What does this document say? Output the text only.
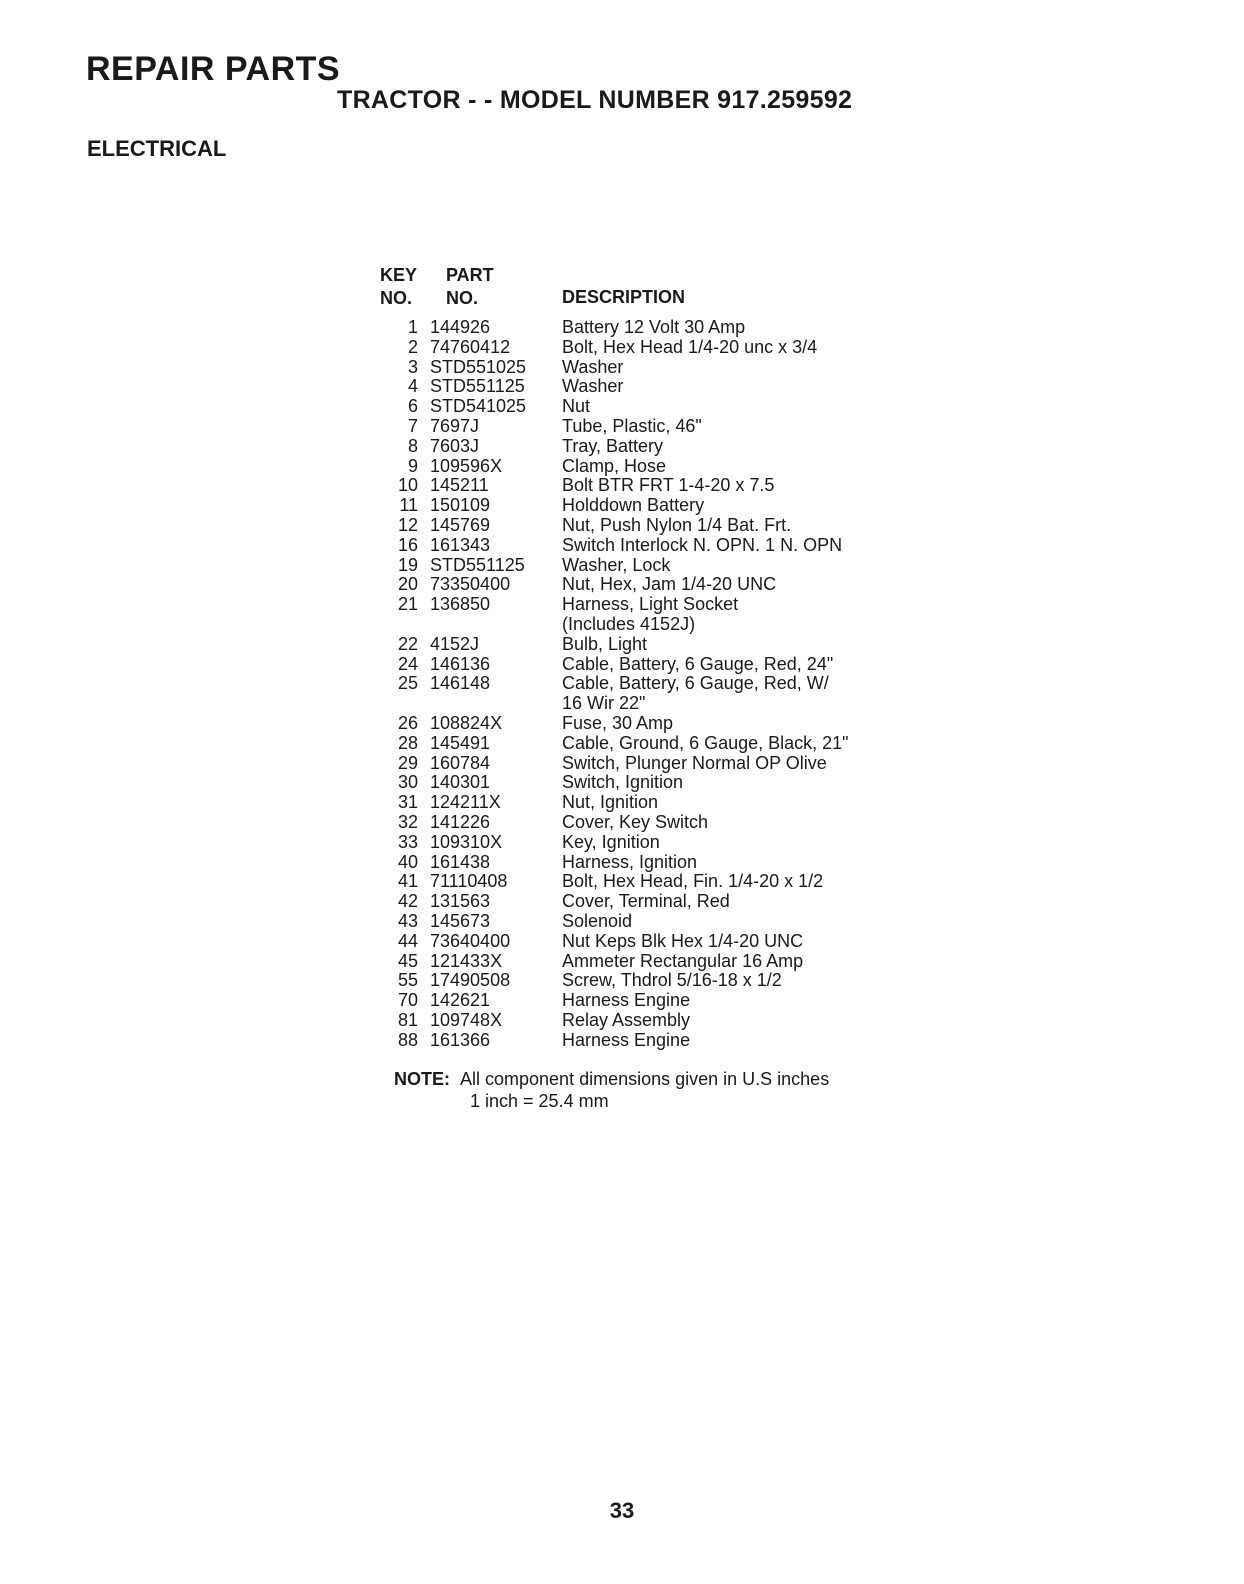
REPAIR PARTS
TRACTOR - - MODEL NUMBER 917.259592
ELECTRICAL
KEY
NO.
PART
NO.	DESCRIPTION
1 144926	Battery 12 Volt 30 Amp
2 74760412	Bolt, Hex Head 1/4-20 unc x 3/4
3 STD551025	Washer
4 STD551125	Washer
6 STD541025	Nut
7 7697J	Tube, Plastic, 46"
8 7603J	Tray, Battery
9 109596X	Clamp, Hose
10 145211	Bolt BTR FRT 1-4-20 x 7.5
11 150109	Holddown Battery
12 145769	Nut, Push Nylon 1/4 Bat. Frt.
16 161343	Switch Interlock N. OPN. 1 N. OPN
19 STD551125	Washer, Lock
20 73350400	Nut, Hex, Jam 1/4-20 UNC
21 136850	Harness, Light Socket
(Includes 4152J)
22 4152J	Bulb, Light
24 146136	Cable, Battery, 6 Gauge, Red, 24"
25 146148	Cable, Battery, 6 Gauge, Red, W/
16 Wir 22"
26 108824X	Fuse, 30 Amp
28 145491	Cable, Ground, 6 Gauge, Black, 21"
29 160784	Switch, Plunger Normal OP Olive
30 140301	Switch, Ignition
31 124211X	Nut, Ignition
32 141226	Cover, Key Switch
33 109310X	Key, Ignition
40 161438	Harness, Ignition
41 71110408	Bolt, Hex Head, Fin. 1/4-20 x 1/2
42 131563	Cover, Terminal, Red
43 145673	Solenoid
44 73640400	Nut Keps Blk Hex 1/4-20 UNC
45 121433X	Ammeter Rectangular 16 Amp
55 17490508	Screw, Thdrol 5/16-18 x 1/2
70 142621	Harness Engine
81 109748X	Relay Assembly
88 161366	Harness Engine
NOTE: All component dimensions given in U.S inches
1 inch = 25.4 mm
33
